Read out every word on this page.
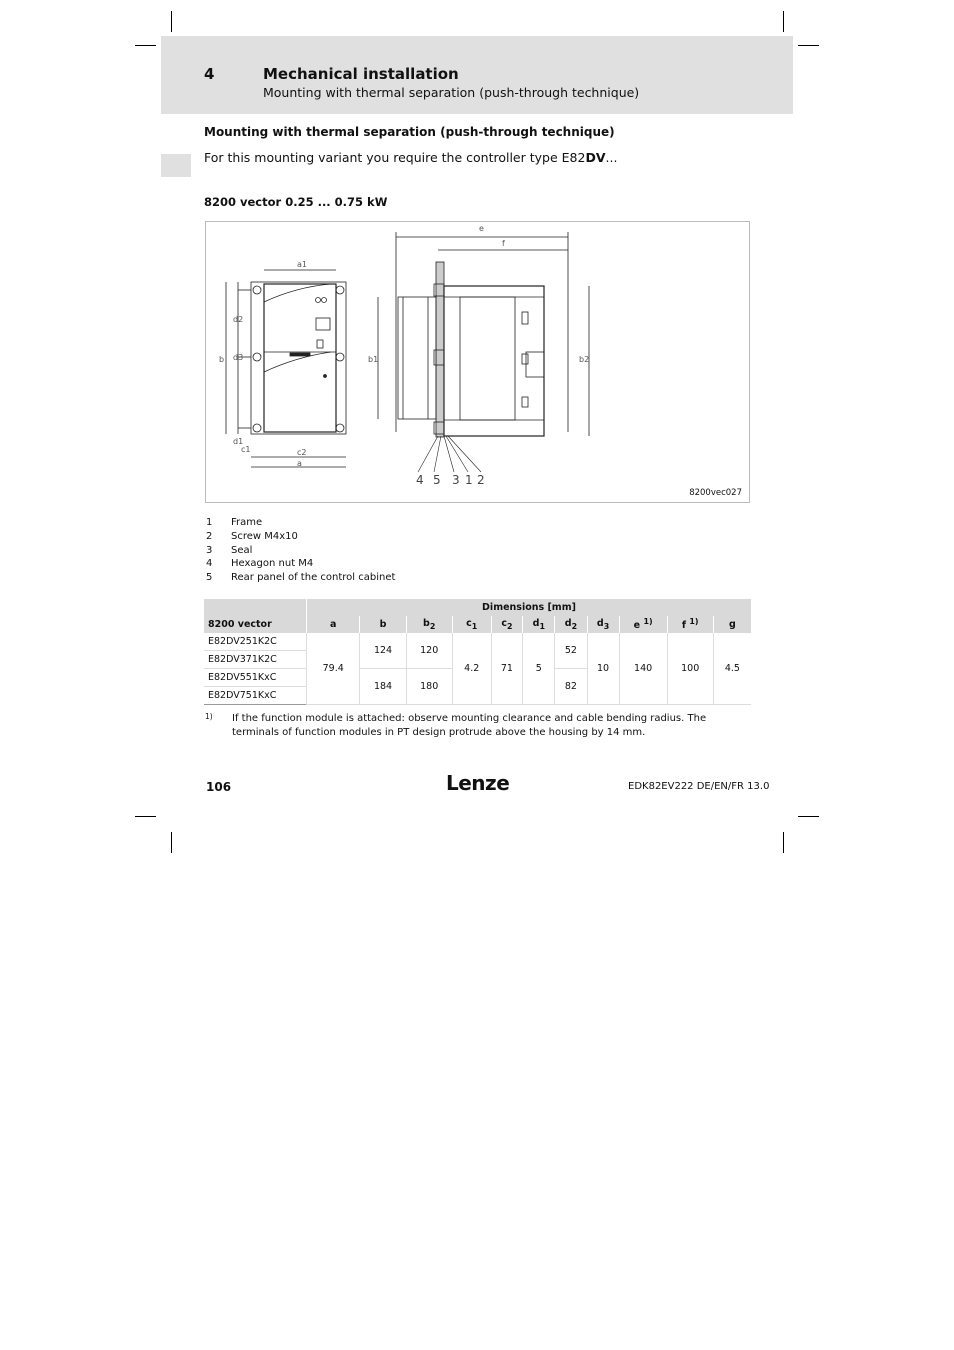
4	Mechanical installation
Mounting with thermal separation (push-through technique)
Mounting with thermal separation (push-through technique)
For this mounting variant you require the controller type E82DV...
8200 vector 0.25 ... 0.75 kW
a1
c2
a
b
d2
d3
d1
c1
e
f
b1	b2
4 5 3 1 2
8200vec027
1	Frame
2	Screw M4x10
3	Seal
4	Hexagon nut M4
5	Rear panel of the control cabinet
	Dimensions [mm]										
8200 vector	a	b	$b_2$	$c_1$	$c_2$	$d_1$	$d_2$	$d_3$	e $^{1)}$	f $^{1)}$	g
E82DV251K2C	79.4	124	120	4.2	71	5	52	10	140	100	4.5
E82DV371K2C											
E82DV551KxC		184	180				82				
E82DV751KxC											
1) If the function module is attached: observe mounting clearance and cable bending radius. The terminals of function modules in PT design protrude above the housing by 14 mm.
106	Lenze	EDK82EV222 DE/EN/FR 13.0
